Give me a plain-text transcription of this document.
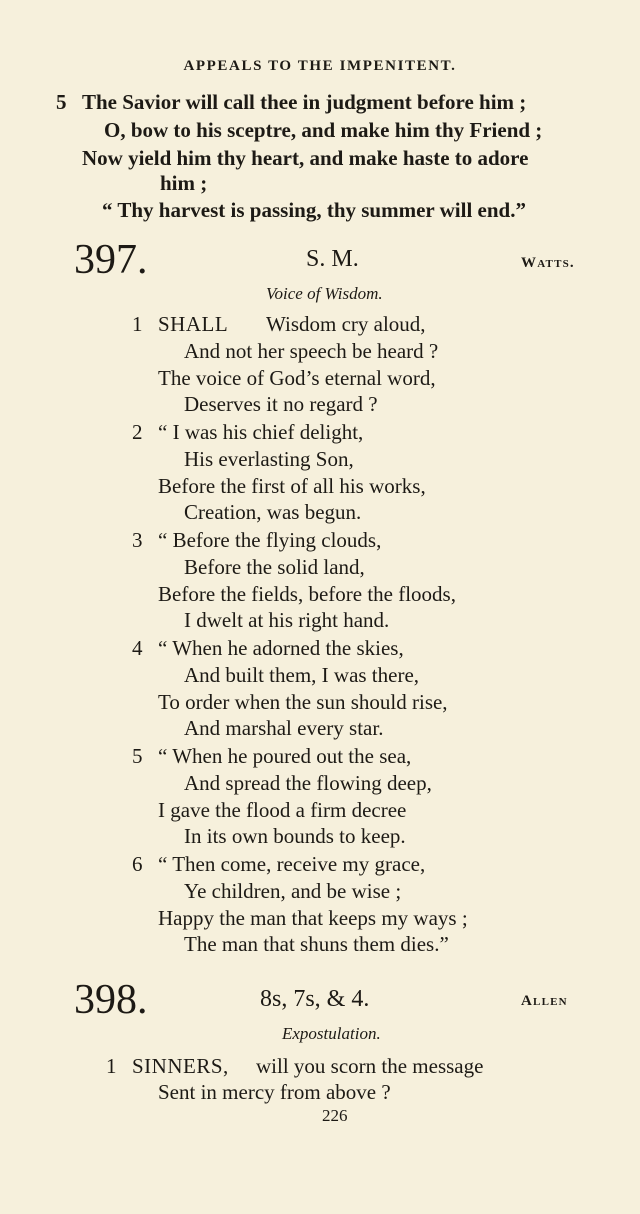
APPEALS TO THE IMPENITENT.
5 The Savior will call thee in judgment before him ;
O, bow to his sceptre, and make him thy Friend ;
Now yield him thy heart, and make haste to adore
him ;
“ Thy harvest is passing, thy summer will end.”
397.	S. M.	Watts.
Voice of Wisdom.
1 SHALL Wisdom cry aloud,
And not her speech be heard ?
The voice of God’s eternal word,
Deserves it no regard ?
2 “ I was his chief delight,
His everlasting Son,
Before the first of all his works,
Creation, was begun.
3 “ Before the flying clouds,
Before the solid land,
Before the fields, before the floods,
I dwelt at his right hand.
4 “ When he adorned the skies,
And built them, I was there,
To order when the sun should rise,
And marshal every star.
5 “ When he poured out the sea,
And spread the flowing deep,
I gave the flood a firm decree
In its own bounds to keep.
6 “ Then come, receive my grace,
Ye children, and be wise ;
Happy the man that keeps my ways ;
The man that shuns them dies.”
398.	8s, 7s, & 4.	Allen
Expostulation.
1 SINNERS, will you scorn the message
Sent in mercy from above ?
226
